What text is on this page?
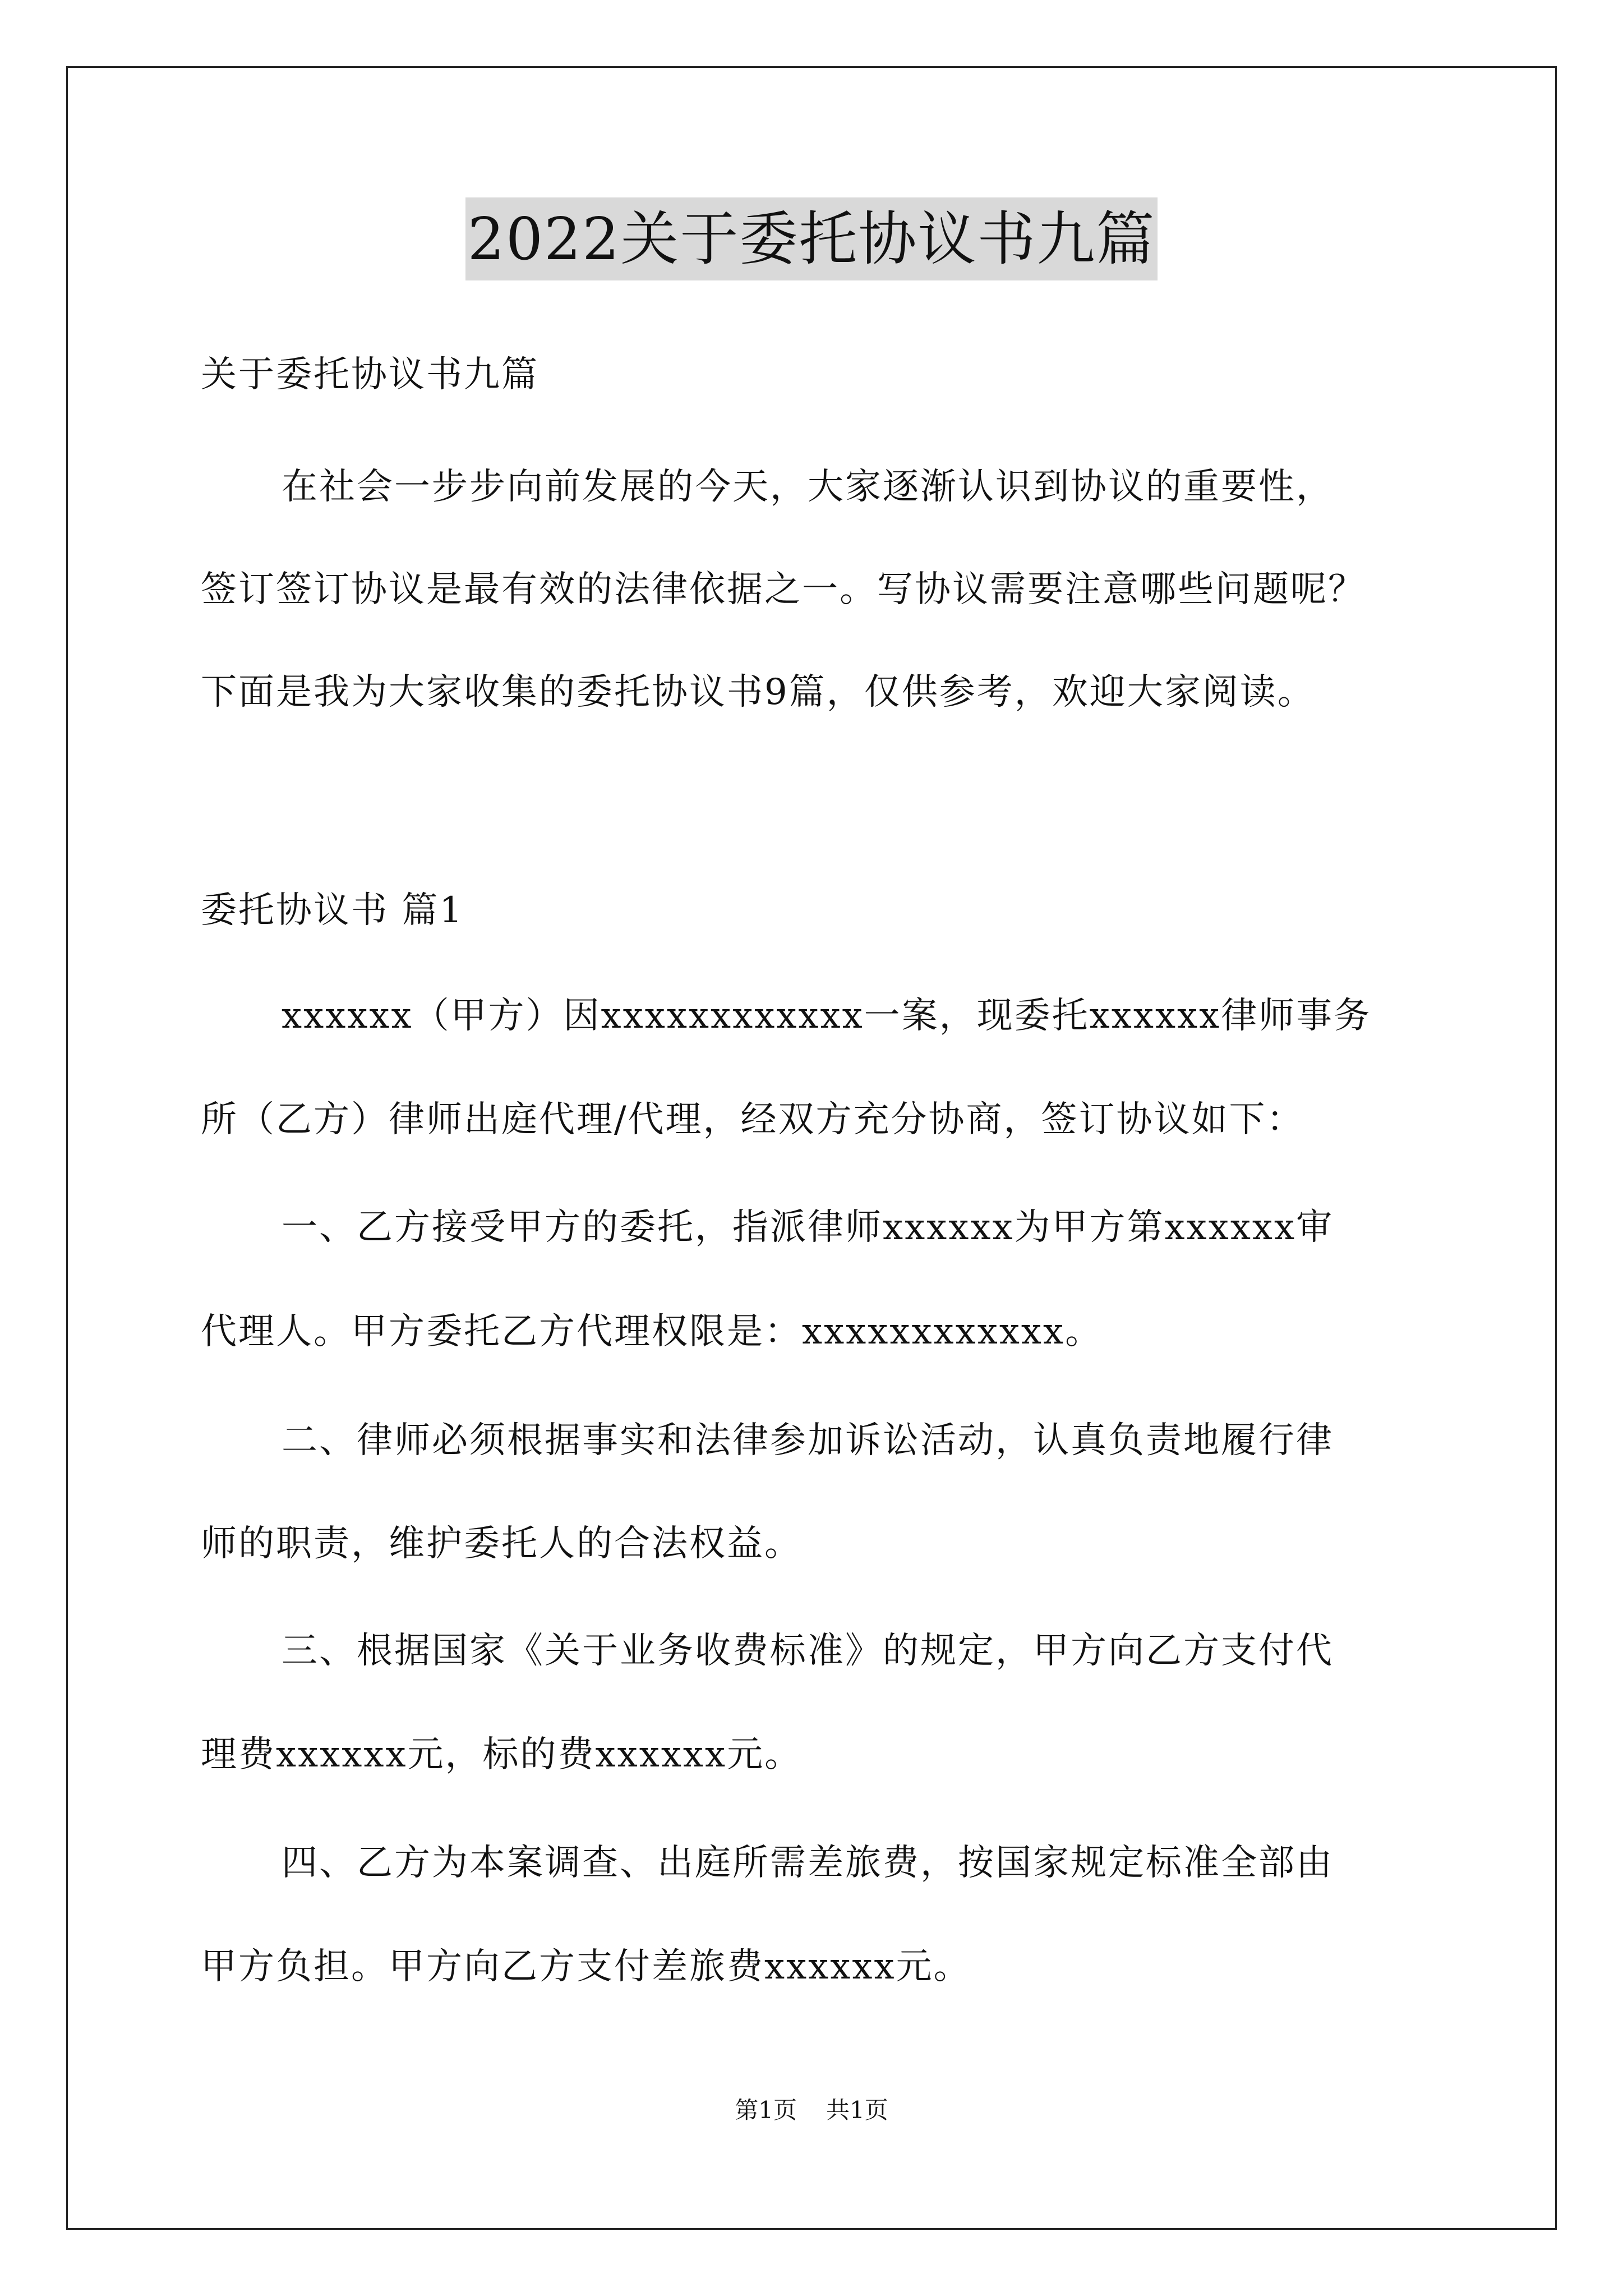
2022关于委托协议书九篇
关于委托协议书九篇
在社会一步步向前发展的今天，大家逐渐认识到协议的重要性，
签订签订协议是最有效的法律依据之一。写协议需要注意哪些问题呢？
下面是我为大家收集的委托协议书9篇，仅供参考，欢迎大家阅读。
委托协议书 篇1
xxxxxx（甲方）因xxxxxxxxxxxx一案，现委托xxxxxx律师事务
所（乙方）律师出庭代理/代理，经双方充分协商，签订协议如下：
一、乙方接受甲方的委托，指派律师xxxxxx为甲方第xxxxxx审
代理人。甲方委托乙方代理权限是：xxxxxxxxxxxx。
二、律师必须根据事实和法律参加诉讼活动，认真负责地履行律
师的职责，维护委托人的合法权益。
三、根据国家《关于业务收费标准》的规定，甲方向乙方支付代
理费xxxxxx元，标的费xxxxxx元。
四、乙方为本案调查、出庭所需差旅费，按国家规定标准全部由
甲方负担。甲方向乙方支付差旅费xxxxxx元。
第1页 共1页
